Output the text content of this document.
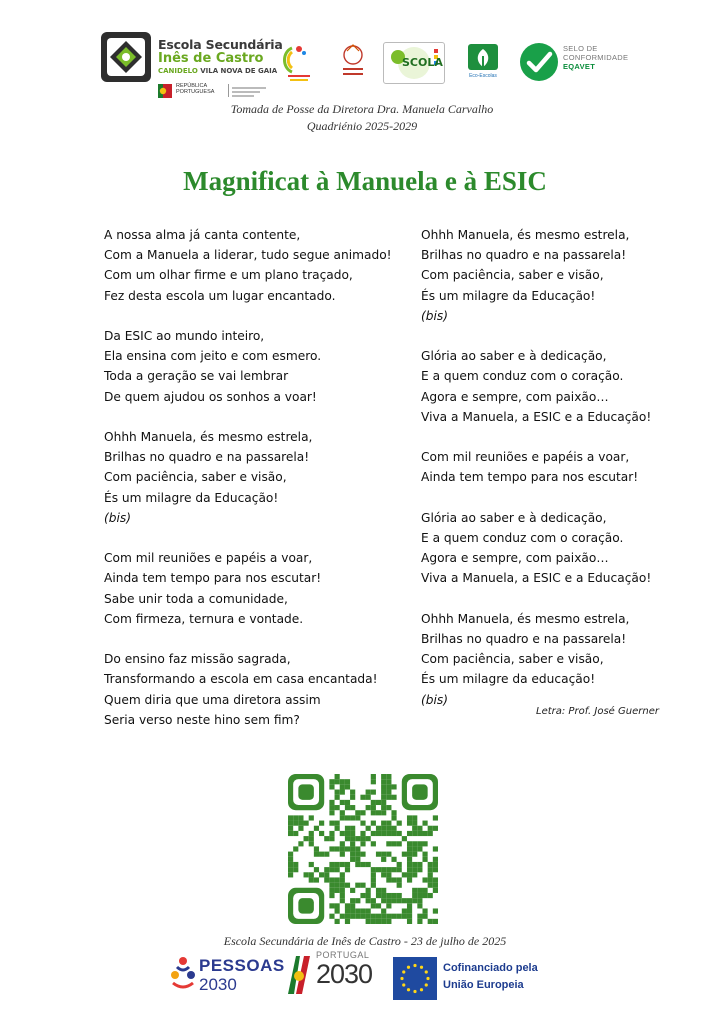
Escola Secundária
Inês de Castro
CANIDELO VILA NOVA DE GAIA
REPÚBLICA
PORTUGUESA
SCOLA
Eco-Escolas
SELO DE
CONFORMIDADE
EQAVET
Tomada de Posse da Diretora Dra. Manuela Carvalho
Quadriénio 2025-2029
Magnificat à Manuela e à ESIC
A nossa alma já canta contente,
Com a Manuela a liderar, tudo segue animado!
Com um olhar firme e um plano traçado,
Fez desta escola um lugar encantado.
Da ESIC ao mundo inteiro,
Ela ensina com jeito e com esmero.
Toda a geração se vai lembrar
De quem ajudou os sonhos a voar!
Ohhh Manuela, és mesmo estrela,
Brilhas no quadro e na passarela!
Com paciência, saber e visão,
És um milagre da Educação!
(bis)
Com mil reuniões e papéis a voar,
Ainda tem tempo para nos escutar!
Sabe unir toda a comunidade,
Com firmeza, ternura e vontade.
Do ensino faz missão sagrada,
Transformando a escola em casa encantada!
Quem diria que uma diretora assim
Seria verso neste hino sem fim?
Ohhh Manuela, és mesmo estrela,
Brilhas no quadro e na passarela!
Com paciência, saber e visão,
És um milagre da Educação!
(bis)
Glória ao saber e à dedicação,
E a quem conduz com o coração.
Agora e sempre, com paixão…
Viva a Manuela, a ESIC e a Educação!
Com mil reuniões e papéis a voar,
Ainda tem tempo para nos escutar!
Glória ao saber e à dedicação,
E a quem conduz com o coração.
Agora e sempre, com paixão…
Viva a Manuela, a ESIC e a Educação!
Ohhh Manuela, és mesmo estrela,
Brilhas no quadro e na passarela!
Com paciência, saber e visão,
És um milagre da educação!
(bis)
Letra: Prof. José Guerner
Escola Secundária de Inês de Castro - 23 de julho de 2025
PESSOAS
2030
PORTUGAL
2030	Cofinanciado pela
União Europeia
